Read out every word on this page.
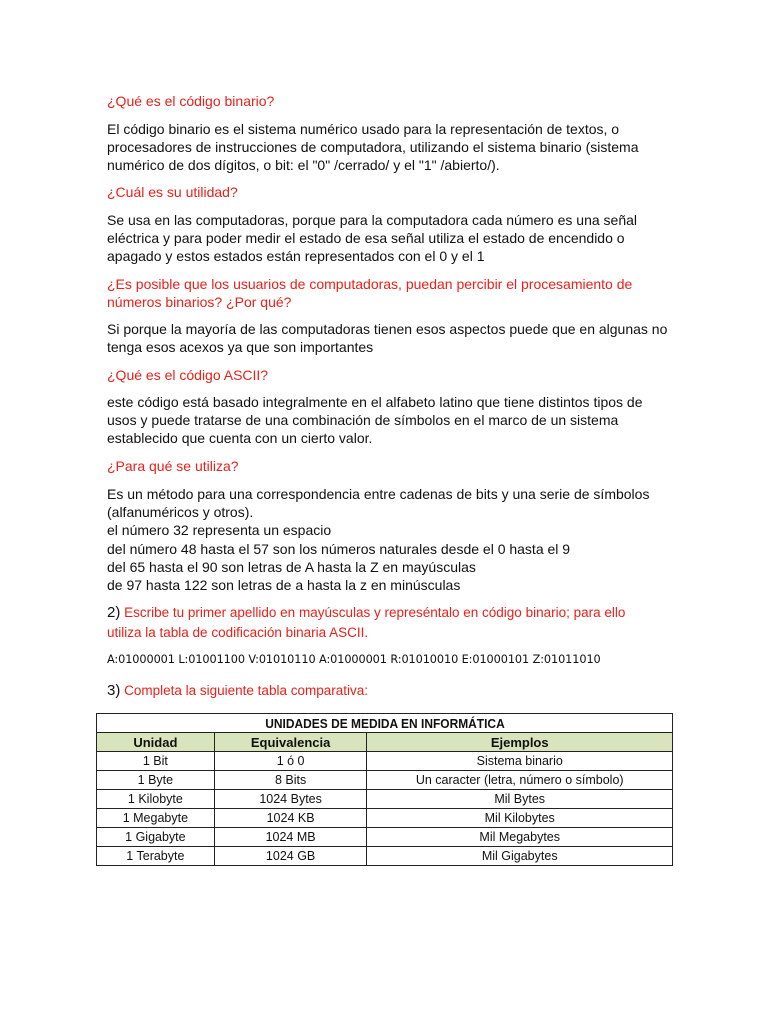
¿Qué es el código binario?
El código binario es el sistema numérico usado para la representación de textos, o
procesadores de instrucciones de computadora, utilizando el sistema binario (sistema
numérico de dos dígitos, o bit: el "0" /cerrado/ y el "1" /abierto/).
¿Cuál es su utilidad?
Se usa en las computadoras, porque para la computadora cada número es una señal
eléctrica y para poder medir el estado de esa señal utiliza el estado de encendido o
apagado y estos estados están representados con el 0 y el 1
¿Es posible que los usuarios de computadoras, puedan percibir el procesamiento de
números binarios? ¿Por qué?
Si porque la mayoría de las computadoras tienen esos aspectos puede que en algunas no
tenga esos acexos ya que son importantes
¿Qué es el código ASCII?
este código está basado integralmente en el alfabeto latino que tiene distintos tipos de
usos y puede tratarse de una combinación de símbolos en el marco de un sistema
establecido que cuenta con un cierto valor.
¿Para qué se utiliza?
Es un método para una correspondencia entre cadenas de bits y una serie de símbolos
(alfanuméricos y otros).
el número 32 representa un espacio
del número 48 hasta el 57 son los números naturales desde el 0 hasta el 9
del 65 hasta el 90 son letras de A hasta la Z en mayúsculas
de 97 hasta 122 son letras de a hasta la z en minúsculas
2) Escribe tu primer apellido en mayúsculas y represéntalo en código binario; para ello
utiliza la tabla de codificación binaria ASCII.
A:01000001 L:01001100 V:01010110 A:01000001 R:01010010 E:01000101 Z:01011010
3) Completa la siguiente tabla comparativa:
UNIDADES DE MEDIDA EN INFORMÁTICA		
Unidad	Equivalencia	Ejemplos
1 Bit	1 ó 0	Sistema binario
1 Byte	8 Bits	Un caracter (letra, número o símbolo)
1 Kilobyte	1024 Bytes	Mil Bytes
1 Megabyte	1024 KB	Mil Kilobytes
1 Gigabyte	1024 MB	Mil Megabytes
1 Terabyte	1024 GB	Mil Gigabytes
